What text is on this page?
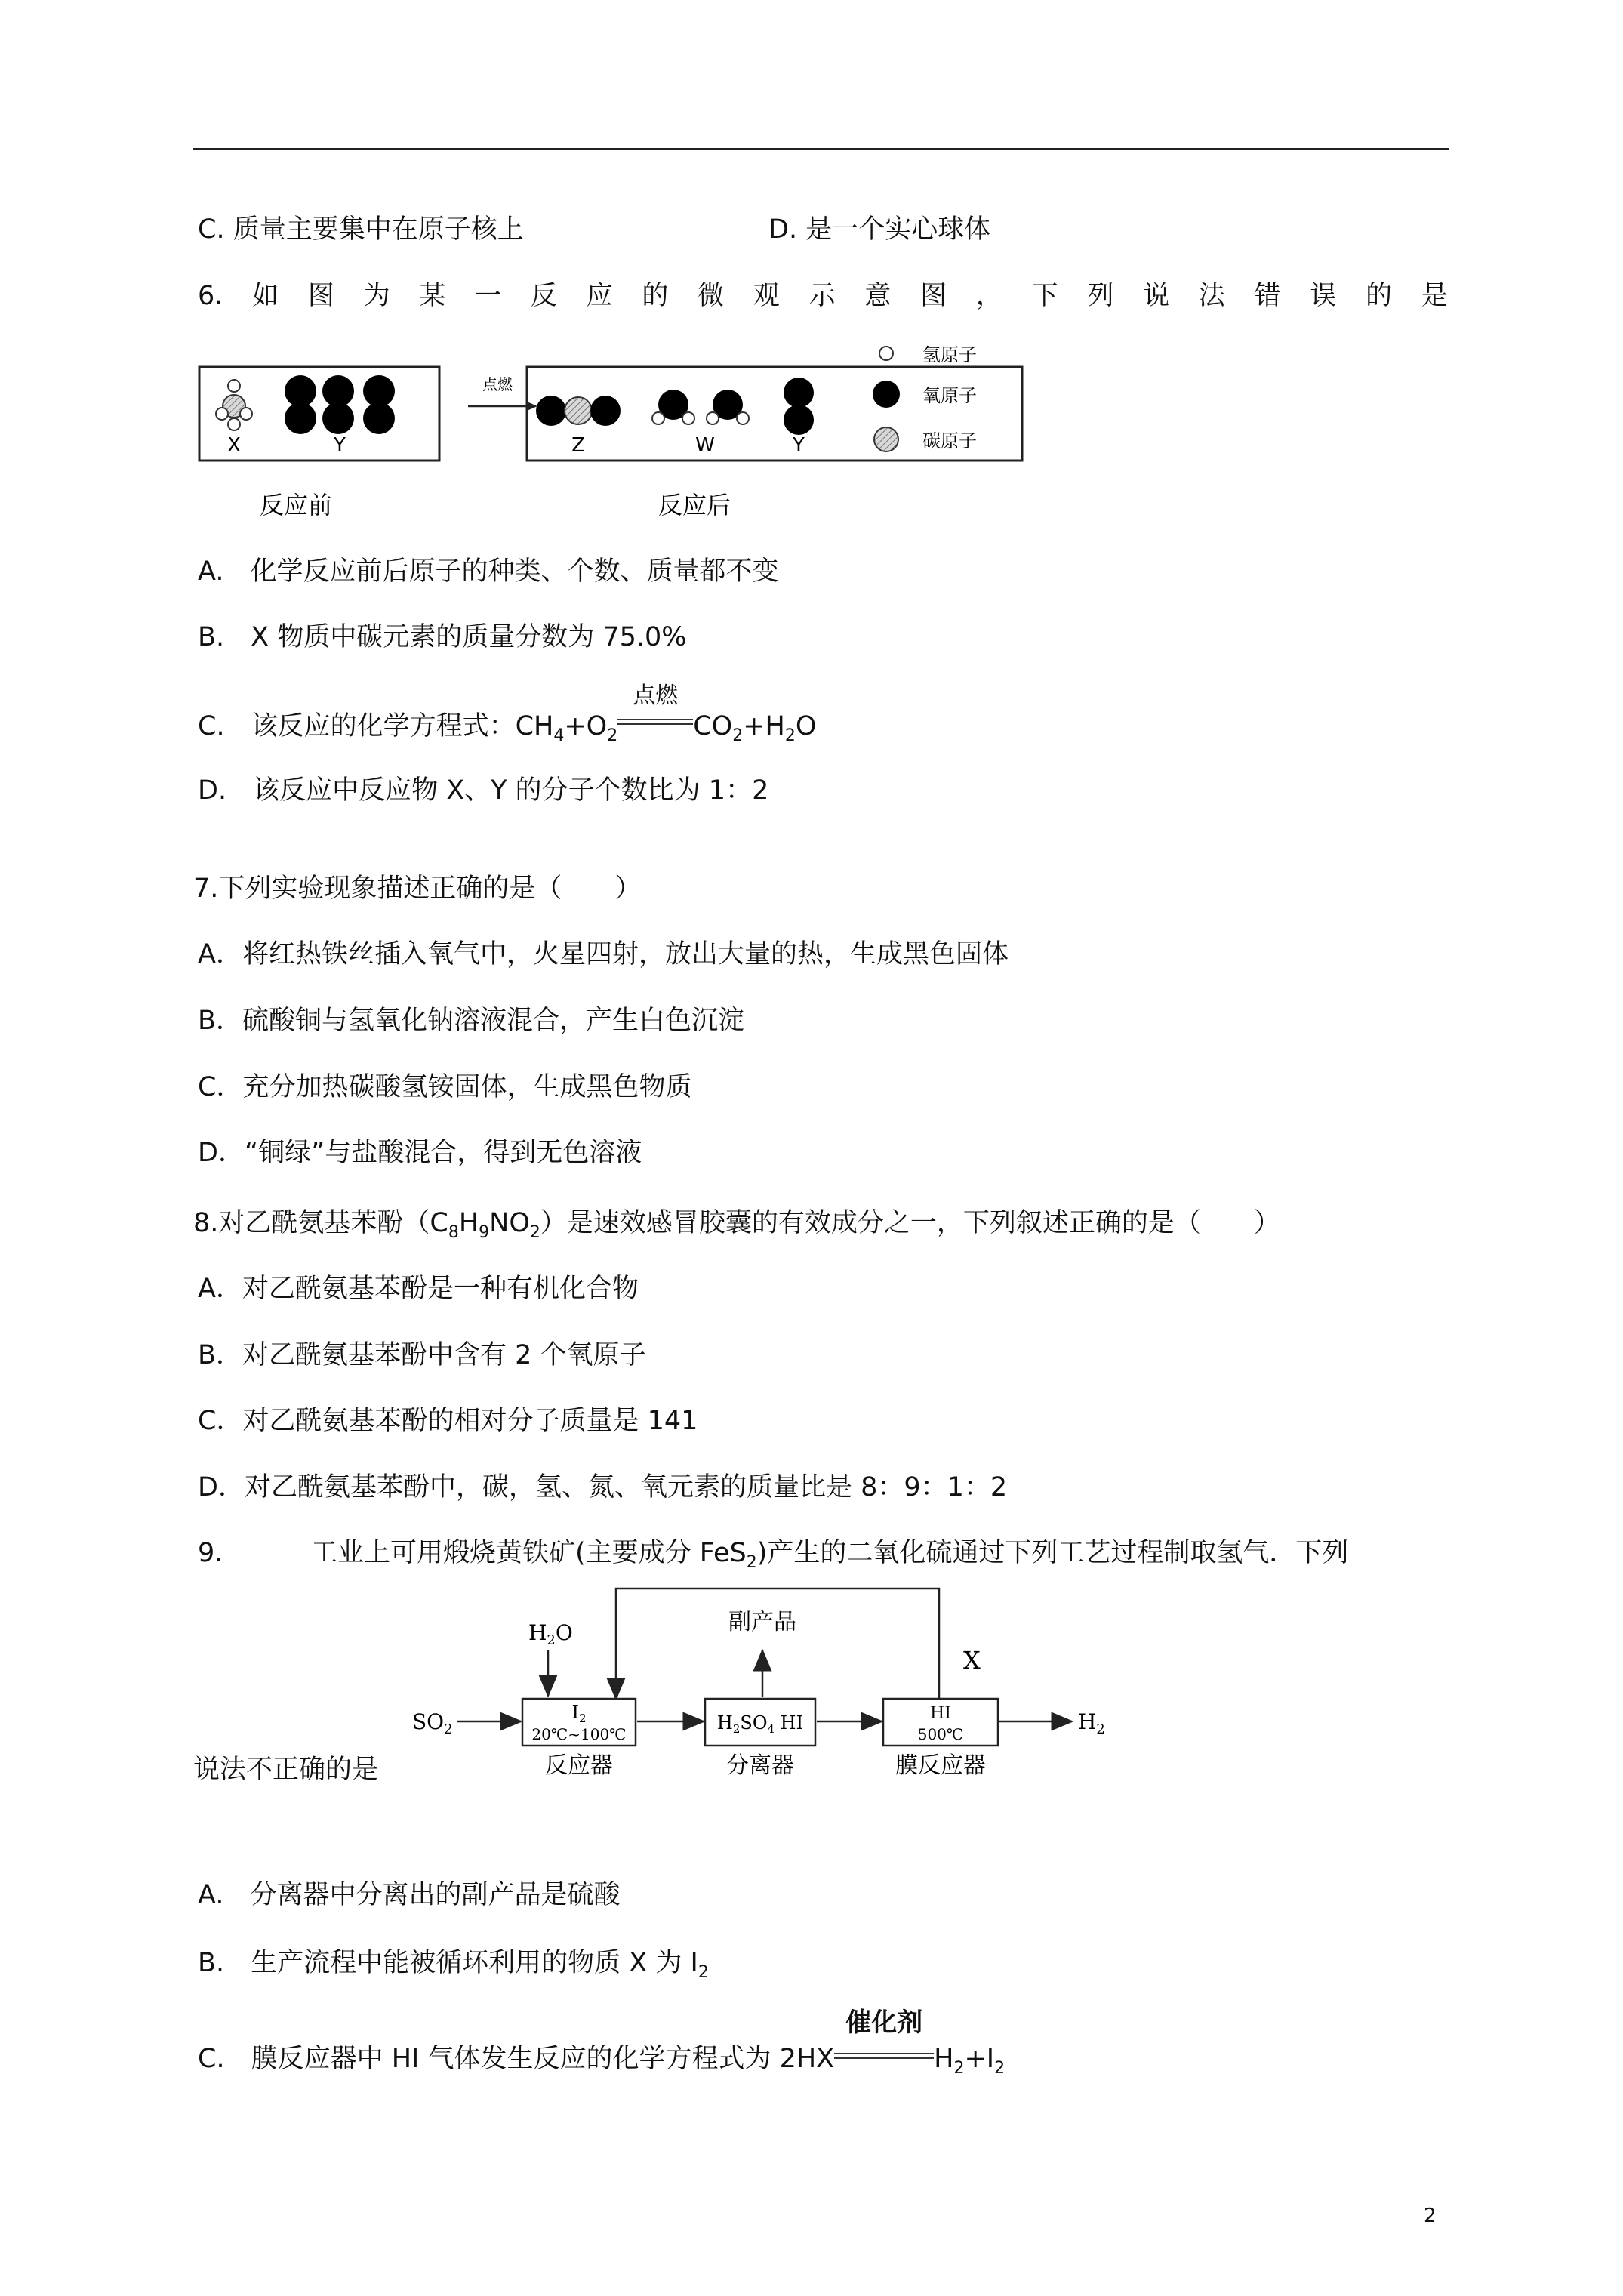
C. 质量主要集中在原子核上	D. 是一个实心球体
6. 如 图 为 某 一 反 应 的 微 观 示 意 图 ， 下 列 说 法 错 误 的 是
X	Y
点燃
Z	W	Y
氢原子
氧原子
碳原子
反应前	反应后
A.　化学反应前后原子的种类、个数、质量都不变
B.　X 物质中碳元素的质量分数为 75.0%
C.　该反应的化学方程式：$CH_4+O_2$
点燃
$CO_2+H_2O$
D.　该反应中反应物 X、Y 的分子个数比为 1：2
7.下列实验现象描述正确的是（　　）
A．将红热铁丝插入氧气中，火星四射，放出大量的热，生成黑色固体
B．硫酸铜与氢氧化钠溶液混合，产生白色沉淀
C．充分加热碳酸氢铵固体，生成黑色物质
D．“铜绿”与盐酸混合，得到无色溶液
8.对乙酰氨基苯酚$(C_8H_9NO_2)$是速效感冒胶囊的有效成分之一，下列叙述正确的是（　　）
A．对乙酰氨基苯酚是一种有机化合物
B．对乙酰氨基苯酚中含有 2 个氧原子
C．对乙酰氨基苯酚的相对分子质量是 141
D．对乙酰氨基苯酚中，碳，氢、氮、氧元素的质量比是 8：9：1：2
9.	工业上可用煅烧黄铁矿(主要成分 FeS$_2$)产生的二氧化硫通过下列工艺过程制取氢气．下列
X
$SO_2$
$H_2O$
$I_2$
20℃~100℃
反应器
$H_2SO_4$ HI
分离器
副产品
HI
500℃
膜反应器
$H_2$
说法不正确的是
A.　分离器中分离出的副产品是硫酸
B.　生产流程中能被循环利用的物质 X 为 $I_2$
C.　膜反应器中 HI 气体发生反应的化学方程式为 2HX
催化剂
$H_2+I_2$
2
